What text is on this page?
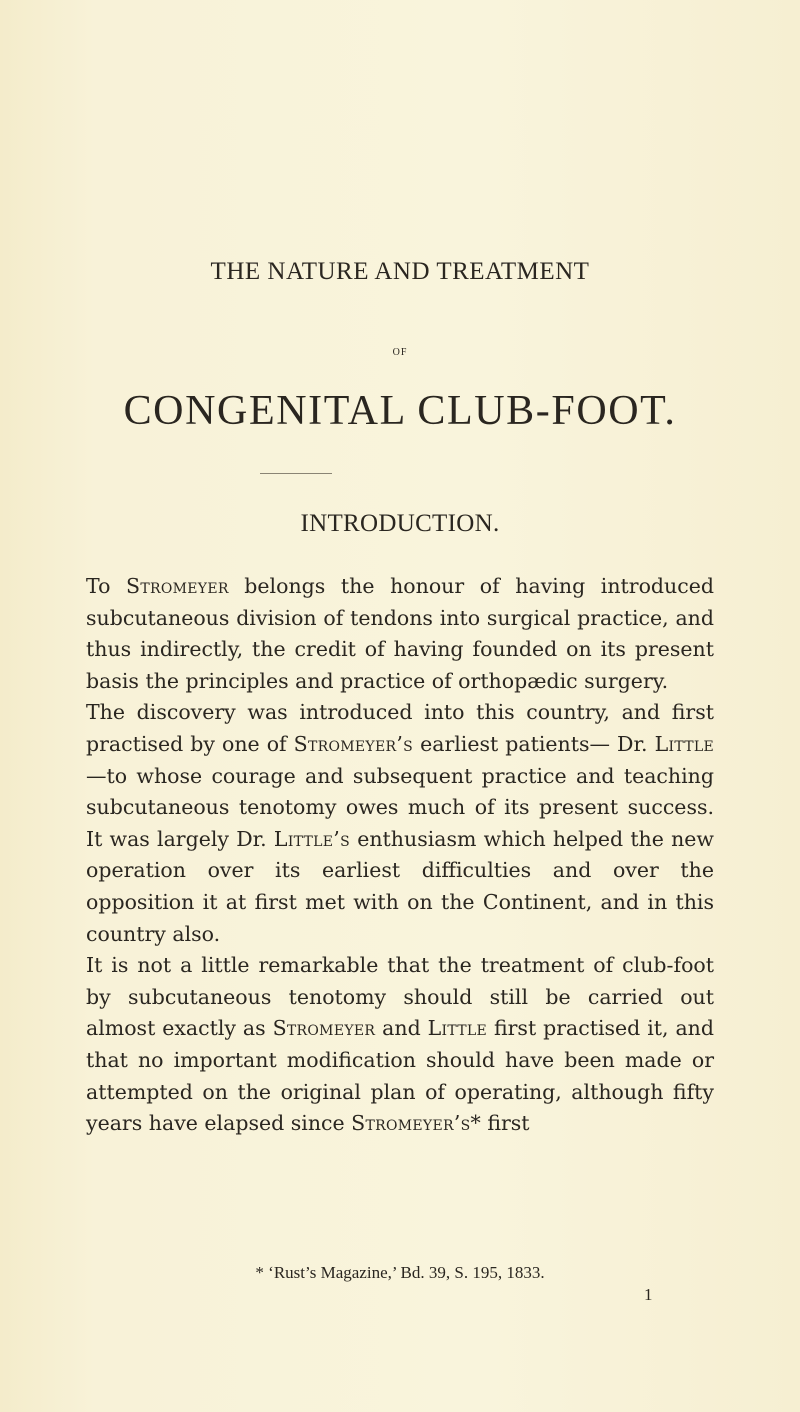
THE NATURE AND TREATMENT
OF
CONGENITAL CLUB-FOOT.
INTRODUCTION.

To Stromeyer belongs the honour of having introduced subcutaneous division of tendons into surgical practice, and thus indirectly, the credit of having founded on its present basis the principles and practice of orthopædic surgery.

The discovery was introduced into this country, and first practised by one of Stromeyer’s earliest patients— Dr. Little—to whose courage and subsequent practice and teaching subcutaneous tenotomy owes much of its present success. It was largely Dr. Little’s enthusiasm which helped the new operation over its earliest difficulties and over the opposition it at first met with on the Continent, and in this country also.

It is not a little remarkable that the treatment of club-foot by subcutaneous tenotomy should still be carried out almost exactly as Stromeyer and Little first practised it, and that no important modification should have been made or attempted on the original plan of operating, although fifty years have elapsed since Stromeyer’s* first

* ‘Rust’s Magazine,’ Bd. 39, S. 195, 1833.
1
